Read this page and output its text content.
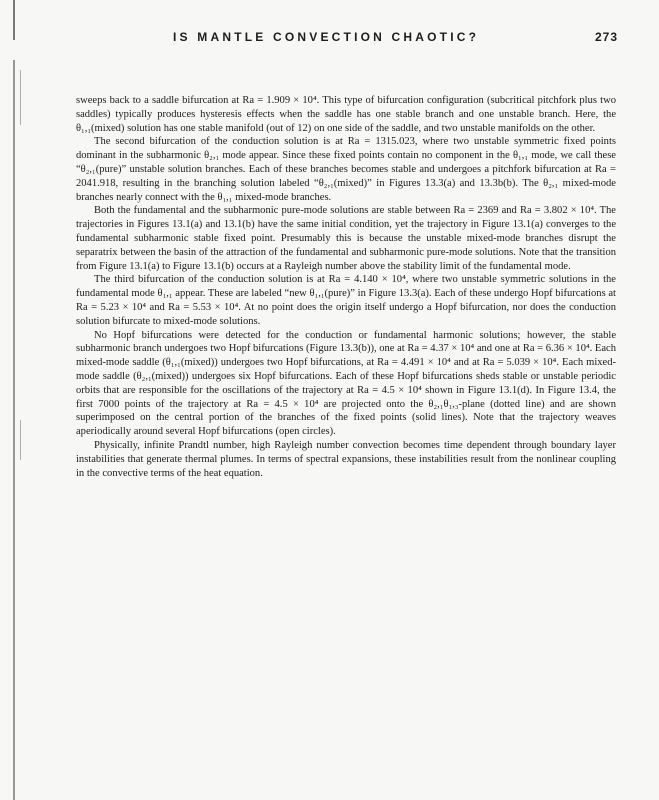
IS MANTLE CONVECTION CHAOTIC?	273

sweeps back to a saddle bifurcation at Ra = 1.909 × 10⁴. This type of bifurcation configuration (subcritical pitchfork plus two saddles) typically produces hysteresis effects when the saddle has one stable branch and one unstable branch. Here, the θ₁,₁(mixed) solution has one stable manifold (out of 12) on one side of the saddle, and two unstable manifolds on the other.

The second bifurcation of the conduction solution is at Ra = 1315.023, where two unstable symmetric fixed points dominant in the subharmonic θ₂,₁ mode appear. Since these fixed points contain no component in the θ₁,₁ mode, we call these “θ₂,₁(pure)” unstable solution branches. Each of these branches becomes stable and undergoes a pitchfork bifurcation at Ra = 2041.918, resulting in the branching solution labeled “θ₂,₁(mixed)” in Figures 13.3(a) and 13.3b(b). The θ₂,₁ mixed-mode branches nearly connect with the θ₁,₁ mixed-mode branches.

Both the fundamental and the subharmonic pure-mode solutions are stable between Ra = 2369 and Ra = 3.802 × 10⁴. The trajectories in Figures 13.1(a) and 13.1(b) have the same initial condition, yet the trajectory in Figure 13.1(a) converges to the fundamental subharmonic stable fixed point. Presumably this is because the unstable mixed-mode branches disrupt the separatrix between the basin of the attraction of the fundamental and subharmonic pure-mode solutions. Note that the transition from Figure 13.1(a) to Figure 13.1(b) occurs at a Rayleigh number above the stability limit of the fundamental mode.

The third bifurcation of the conduction solution is at Ra = 4.140 × 10⁴, where two unstable symmetric solutions in the fundamental mode θ₁,₁ appear. These are labeled “new θ₁,₁(pure)” in Figure 13.3(a). Each of these undergo Hopf bifurcations at Ra = 5.23 × 10⁴ and Ra = 5.53 × 10⁴. At no point does the origin itself undergo a Hopf bifurcation, nor does the conduction solution bifurcate to mixed-mode solutions.

No Hopf bifurcations were detected for the conduction or fundamental harmonic solutions; however, the stable subharmonic branch undergoes two Hopf bifurcations (Figure 13.3(b)), one at Ra = 4.37 × 10⁴ and one at Ra = 6.36 × 10⁴. Each mixed-mode saddle (θ₁,₁(mixed)) undergoes two Hopf bifurcations, at Ra = 4.491 × 10⁴ and at Ra = 5.039 × 10⁴. Each mixed-mode saddle (θ₂,₁(mixed)) undergoes six Hopf bifurcations. Each of these Hopf bifurcations sheds stable or unstable periodic orbits that are responsible for the oscillations of the trajectory at Ra = 4.5 × 10⁴ shown in Figure 13.1(d). In Figure 13.4, the first 7000 points of the trajectory at Ra = 4.5 × 10⁴ are projected onto the θ₂,₁θ₁,₃-plane (dotted line) and are shown superimposed on the central portion of the branches of the fixed points (solid lines). Note that the trajectory weaves aperiodically around several Hopf bifurcations (open circles).

Physically, infinite Prandtl number, high Rayleigh number convection becomes time dependent through boundary layer instabilities that generate thermal plumes. In terms of spectral expansions, these instabilities result from the nonlinear coupling in the convective terms of the heat equation.
